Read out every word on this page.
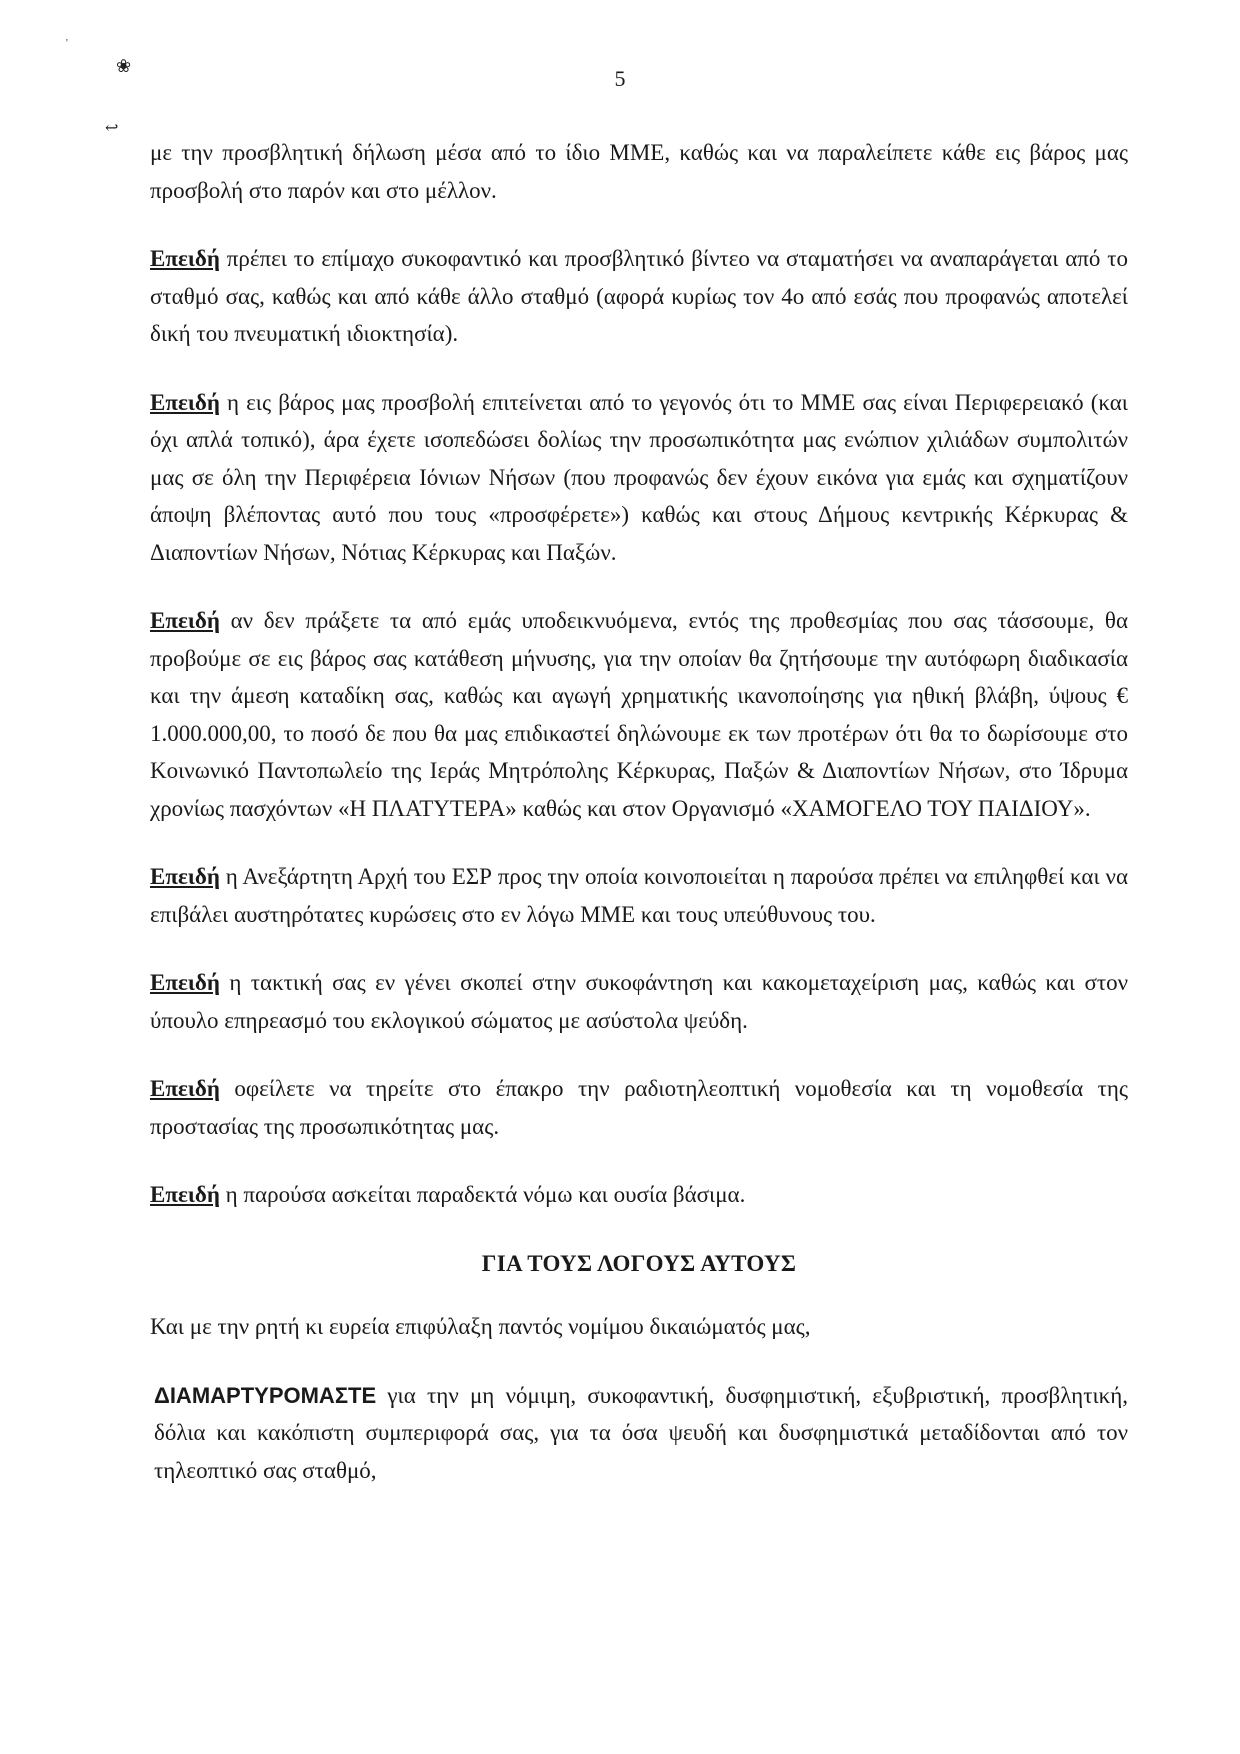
'
❀
↩
5

με την προσβλητική δήλωση μέσα από το ίδιο ΜΜΕ, καθώς και να παραλείπετε κάθε εις βάρος μας προσβολή στο παρόν και στο μέλλον.

Επειδή πρέπει το επίμαχο συκοφαντικό και προσβλητικό βίντεο να σταματήσει να αναπαράγεται από το σταθμό σας, καθώς και από κάθε άλλο σταθμό (αφορά κυρίως τον 4ο από εσάς που προφανώς αποτελεί δική του πνευματική ιδιοκτησία).

Επειδή η εις βάρος μας προσβολή επιτείνεται από το γεγονός ότι το ΜΜΕ σας είναι Περιφερειακό (και όχι απλά τοπικό), άρα έχετε ισοπεδώσει δολίως την προσωπικότητα μας ενώπιον χιλιάδων συμπολιτών μας σε όλη την Περιφέρεια Ιόνιων Νήσων (που προφανώς δεν έχουν εικόνα για εμάς και σχηματίζουν άποψη βλέποντας αυτό που τους «προσφέρετε») καθώς και στους Δήμους κεντρικής Κέρκυρας & Διαποντίων Νήσων, Νότιας Κέρκυρας και Παξών.

Επειδή αν δεν πράξετε τα από εμάς υποδεικνυόμενα, εντός της προθεσμίας που σας τάσσουμε, θα προβούμε σε εις βάρος σας κατάθεση μήνυσης, για την οποίαν θα ζητήσουμε την αυτόφωρη διαδικασία και την άμεση καταδίκη σας, καθώς και αγωγή χρηματικής ικανοποίησης για ηθική βλάβη, ύψους € 1.000.000,00, το ποσό δε που θα μας επιδικαστεί δηλώνουμε εκ των προτέρων ότι θα το δωρίσουμε στο Κοινωνικό Παντοπωλείο της Ιεράς Μητρόπολης Κέρκυρας, Παξών & Διαποντίων Νήσων, στο Ίδρυμα χρονίως πασχόντων «Η ΠΛΑΤΥΤΕΡΑ» καθώς και στον Οργανισμό «ΧΑΜΟΓΕΛΟ ΤΟΥ ΠΑΙΔΙΟΥ».

Επειδή η Ανεξάρτητη Αρχή του ΕΣΡ προς την οποία κοινοποιείται η παρούσα πρέπει να επιληφθεί και να επιβάλει αυστηρότατες κυρώσεις στο εν λόγω ΜΜΕ και τους υπεύθυνους του.

Επειδή η τακτική σας εν γένει σκοπεί στην συκοφάντηση και κακομεταχείριση μας, καθώς και στον ύπουλο επηρεασμό του εκλογικού σώματος με ασύστολα ψεύδη.

Επειδή οφείλετε να τηρείτε στο έπακρο την ραδιοτηλεοπτική νομοθεσία και τη νομοθεσία της προστασίας της προσωπικότητας μας.

Επειδή η παρούσα ασκείται παραδεκτά νόμω και ουσία βάσιμα.

ΓΙΑ ΤΟΥΣ ΛΟΓΟΥΣ ΑΥΤΟΥΣ

Και με την ρητή κι ευρεία επιφύλαξη παντός νομίμου δικαιώματός μας,

ΔΙΑΜΑΡΤΥΡΟΜΑΣΤΕ για την μη νόμιμη, συκοφαντική, δυσφημιστική, εξυβριστική, προσβλητική, δόλια και κακόπιστη συμπεριφορά σας, για τα όσα ψευδή και δυσφημιστικά μεταδίδονται από τον τηλεοπτικό σας σταθμό,
